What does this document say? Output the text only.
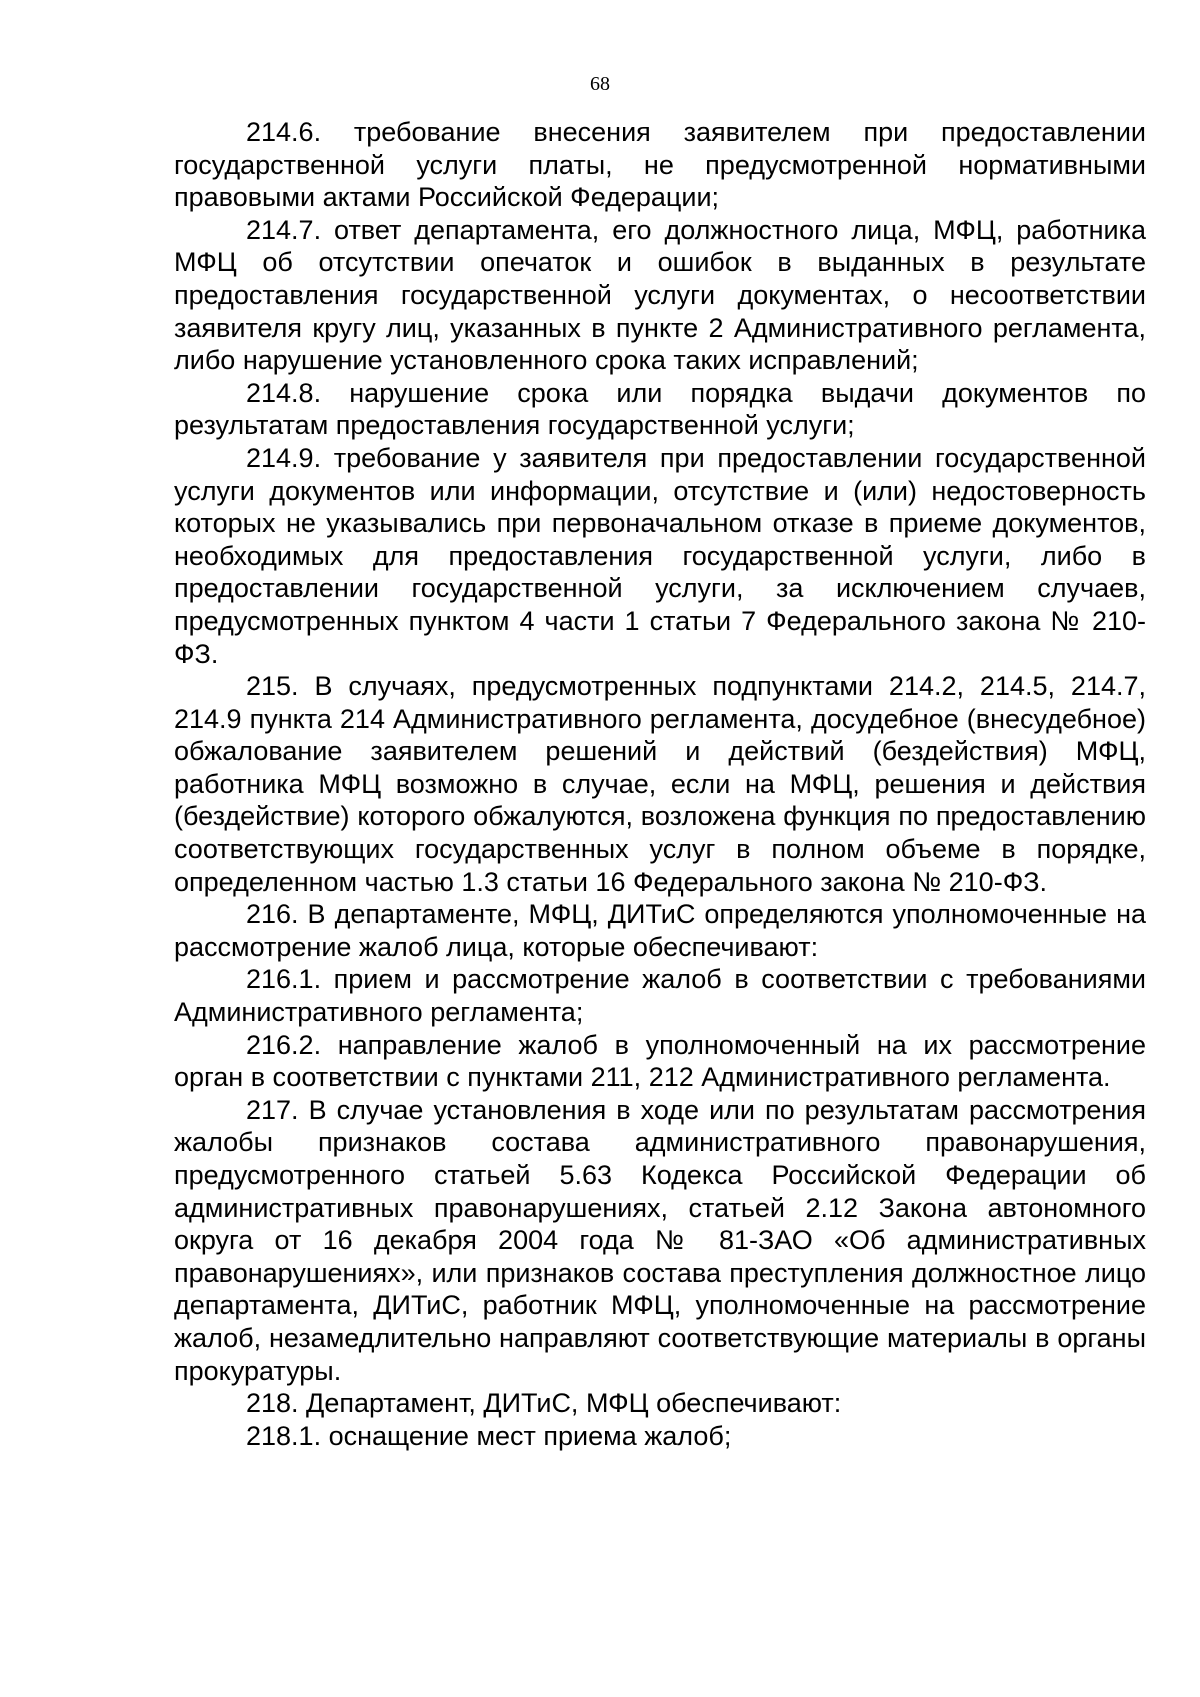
68

214.6. требование внесения заявителем при предоставлении государственной услуги платы, не предусмотренной нормативными правовыми актами Российской Федерации;

214.7. ответ департамента, его должностного лица, МФЦ, работника МФЦ об отсутствии опечаток и ошибок в выданных в результате предоставления государственной услуги документах, о несоответствии заявителя кругу лиц, указанных в пункте 2 Административного регламента, либо нарушение установленного срока таких исправлений;

214.8. нарушение срока или порядка выдачи документов по результатам предоставления государственной услуги;

214.9. требование у заявителя при предоставлении государственной услуги документов или информации, отсутствие и (или) недостоверность которых не указывались при первоначальном отказе в приеме документов, необходимых для предоставления государственной услуги, либо в предоставлении государственной услуги, за исключением случаев, предусмотренных пунктом 4 части 1 статьи 7 Федерального закона № 210-ФЗ.

215. В случаях, предусмотренных подпунктами 214.2, 214.5, 214.7, 214.9 пункта 214 Административного регламента, досудебное (внесудебное) обжалование заявителем решений и действий (бездействия) МФЦ, работника МФЦ возможно в случае, если на МФЦ, решения и действия (бездействие) которого обжалуются, возложена функция по предоставлению соответствующих государственных услуг в полном объеме в порядке, определенном частью 1.3 статьи 16 Федерального закона № 210-ФЗ.

216. В департаменте, МФЦ, ДИТиС определяются уполномоченные на рассмотрение жалоб лица, которые обеспечивают:

216.1. прием и рассмотрение жалоб в соответствии с требованиями Административного регламента;

216.2. направление жалоб в уполномоченный на их рассмотрение орган в соответствии с пунктами 211, 212 Административного регламента.

217. В случае установления в ходе или по результатам рассмотрения жалобы признаков состава административного правонарушения, предусмотренного статьей 5.63 Кодекса Российской Федерации об административных правонарушениях, статьей 2.12 Закона автономного округа от 16 декабря 2004 года № 81-ЗАО «Об административных правонарушениях», или признаков состава преступления должностное лицо департамента, ДИТиС, работник МФЦ, уполномоченные на рассмотрение жалоб, незамедлительно направляют соответствующие материалы в органы прокуратуры.

218. Департамент, ДИТиС, МФЦ обеспечивают:

218.1. оснащение мест приема жалоб;
